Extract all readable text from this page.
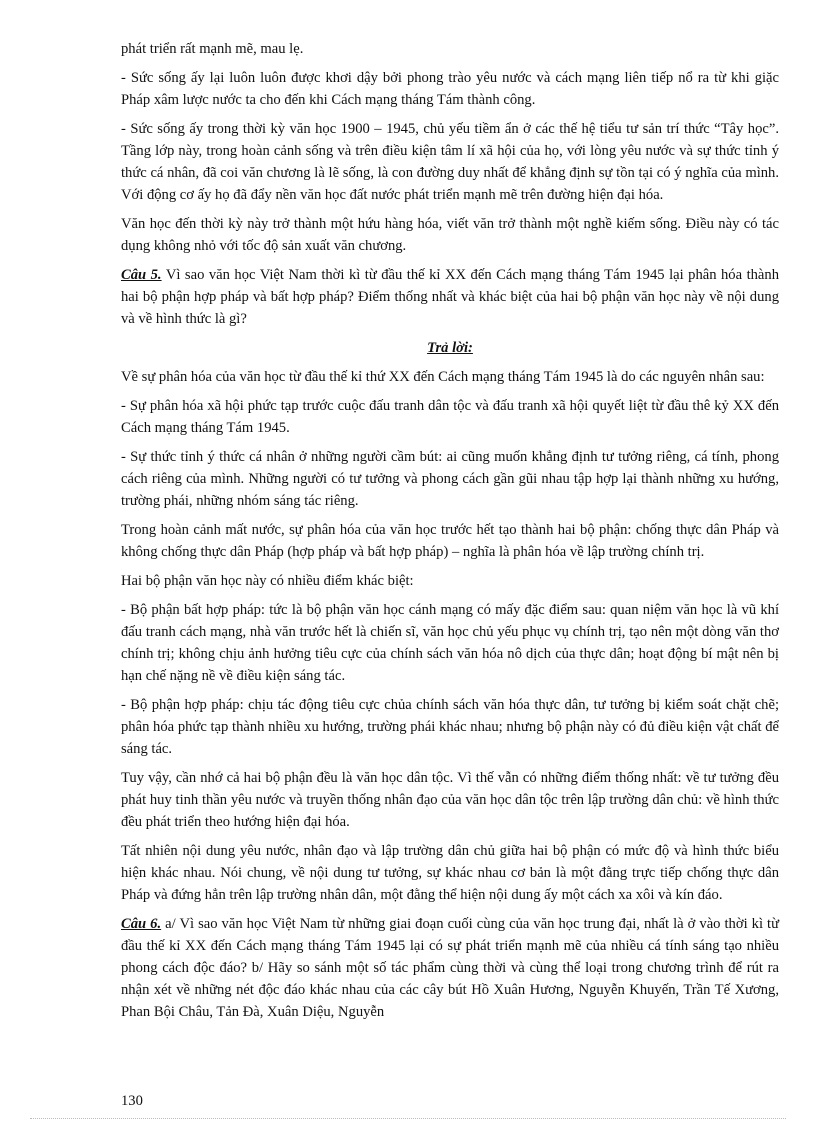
phát triển rất mạnh mẽ, mau lẹ.

- Sức sống ấy lại luôn luôn được khơi dậy bởi phong trào yêu nước và cách mạng liên tiếp nổ ra từ khi giặc Pháp xâm lược nước ta cho đến khi Cách mạng tháng Tám thành công.

- Sức sống ấy trong thời kỳ văn học 1900 – 1945, chủ yếu tiềm ẩn ở các thế hệ tiểu tư sản trí thức “Tây học”. Tầng lớp này, trong hoàn cảnh sống và trên điều kiện tâm lí xã hội của họ, với lòng yêu nước và sự thức tỉnh ý thức cá nhân, đã coi văn chương là lẽ sống, là con đường duy nhất để khẳng định sự tồn tại có ý nghĩa của mình. Với động cơ ấy họ đã đẩy nền văn học đất nước phát triển mạnh mẽ trên đường hiện đại hóa.

Văn học đến thời kỳ này trở thành một hứu hàng hóa, viết văn trở thành một nghề kiếm sống. Điều này có tác dụng không nhỏ với tốc độ sản xuất văn chương.

Câu 5. Vì sao văn học Việt Nam thời kì từ đầu thế kỉ XX đến Cách mạng tháng Tám 1945 lại phân hóa thành hai bộ phận hợp pháp và bất hợp pháp? Điểm thống nhất và khác biệt của hai bộ phận văn học này về nội dung và về hình thức là gì?

Trả lời:

Về sự phân hóa của văn học từ đầu thế kỉ thứ XX đến Cách mạng tháng Tám 1945 là do các nguyên nhân sau:

- Sự phân hóa xã hội phức tạp trước cuộc đấu tranh dân tộc và đấu tranh xã hội quyết liệt từ đầu thê kỷ XX đến Cách mạng tháng Tám 1945.

- Sự thức tỉnh ý thức cá nhân ở những người cầm bút: ai cũng muốn khẳng định tư tưởng riêng, cá tính, phong cách riêng của mình. Những người có tư tưởng và phong cách gần gũi nhau tập hợp lại thành những xu hướng, trường phái, những nhóm sáng tác riêng.

Trong hoàn cảnh mất nước, sự phân hóa của văn học trước hết tạo thành hai bộ phận: chống thực dân Pháp và không chống thực dân Pháp (hợp pháp và bất hợp pháp) – nghĩa là phân hóa về lập trường chính trị.

Hai bộ phận văn học này có nhiều điểm khác biệt:

- Bộ phận bất hợp pháp: tức là bộ phận văn học cánh mạng có mấy đặc điểm sau: quan niệm văn học là vũ khí đấu tranh cách mạng, nhà văn trước hết là chiến sĩ, văn học chủ yếu phục vụ chính trị, tạo nên một dòng văn thơ chính trị; không chịu ảnh hưởng tiêu cực của chính sách văn hóa nô dịch của thực dân; hoạt động bí mật nên bị hạn chế nặng nề về điều kiện sáng tác.

- Bộ phận hợp pháp: chịu tác động tiêu cực chủa chính sách văn hóa thực dân, tư tưởng bị kiểm soát chặt chẽ; phân hóa phức tạp thành nhiều xu hướng, trường phái khác nhau; nhưng bộ phận này có đủ điều kiện vật chất để sáng tác.

Tuy vậy, cần nhớ cả hai bộ phận đều là văn học dân tộc. Vì thế vẫn có những điểm thống nhất: về tư tưởng đều phát huy tinh thần yêu nước và truyền thống nhân đạo của văn học dân tộc trên lập trường dân chủ: về hình thức đều phát triển theo hướng hiện đại hóa.

Tất nhiên nội dung yêu nước, nhân đạo và lập trường dân chủ giữa hai bộ phận có mức độ và hình thức biểu hiện khác nhau. Nói chung, về nội dung tư tưởng, sự khác nhau cơ bản là một đằng trực tiếp chống thực dân Pháp và đứng hẳn trên lập trường nhân dân, một đằng thể hiện nội dung ấy một cách xa xôi và kín đáo.

Câu 6. a/ Vì sao văn học Việt Nam từ những giai đoạn cuối cùng của văn học trung đại, nhất là ở vào thời kì từ đầu thế kỉ XX đến Cách mạng tháng Tám 1945 lại có sự phát triển mạnh mẽ của nhiều cá tính sáng tạo nhiều phong cách độc đáo? b/ Hãy so sánh một số tác phẩm cùng thời và cùng thể loại trong chương trình để rút ra nhận xét về những nét độc đáo khác nhau của các cây bút Hồ Xuân Hương, Nguyễn Khuyến, Trần Tế Xương, Phan Bội Châu, Tản Đà, Xuân Diệu, Nguyễn

130
